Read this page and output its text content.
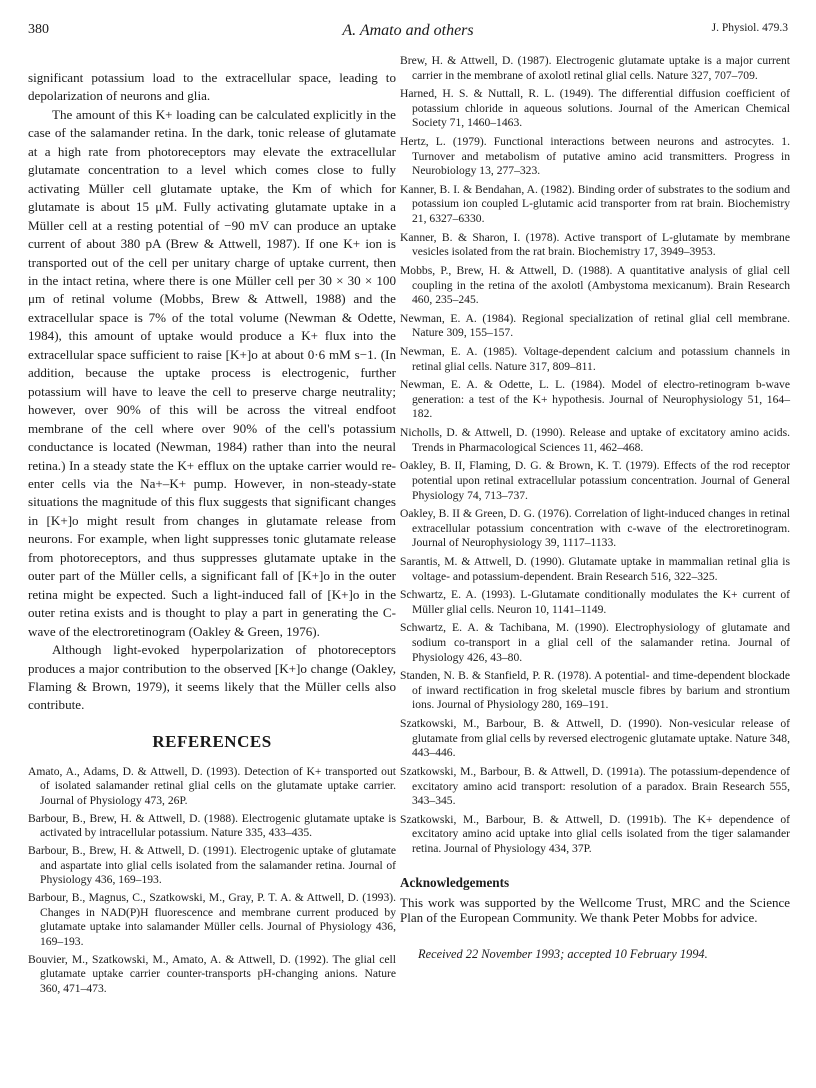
380	A. Amato and others	J. Physiol. 479.3

significant potassium load to the extracellular space, leading to depolarization of neurons and glia.

The amount of this K+ loading can be calculated explicitly in the case of the salamander retina. In the dark, tonic release of glutamate at a high rate from photoreceptors may elevate the extracellular glutamate concentration to a level which comes close to fully activating Müller cell glutamate uptake, the Km of which for glutamate is about 15 μM. Fully activating glutamate uptake in a Müller cell at a resting potential of −90 mV can produce an uptake current of about 380 pA (Brew & Attwell, 1987). If one K+ ion is transported out of the cell per unitary charge of uptake current, then in the intact retina, where there is one Müller cell per 30 × 30 × 100 μm of retinal volume (Mobbs, Brew & Attwell, 1988) and the extracellular space is 7% of the total volume (Newman & Odette, 1984), this amount of uptake would produce a K+ flux into the extracellular space sufficient to raise [K+]o at about 0·6 mM s−1. (In addition, because the uptake process is electrogenic, further potassium will have to leave the cell to preserve charge neutrality; however, over 90% of this will be across the vitreal endfoot membrane of the cell where over 90% of the cell's potassium conductance is located (Newman, 1984) rather than into the neural retina.) In a steady state the K+ efflux on the uptake carrier would re-enter cells via the Na+–K+ pump. However, in non-steady-state situations the magnitude of this flux suggests that significant changes in [K+]o might result from changes in glutamate release from neurons. For example, when light suppresses tonic glutamate release from photoreceptors, and thus suppresses glutamate uptake in the outer part of the Müller cells, a significant fall of [K+]o in the outer retina might be expected. Such a light-induced fall of [K+]o in the outer retina exists and is thought to play a part in generating the C-wave of the electroretinogram (Oakley & Green, 1976).

Although light-evoked hyperpolarization of photoreceptors produces a major contribution to the observed [K+]o change (Oakley, Flaming & Brown, 1979), it seems likely that the Müller cells also contribute.

REFERENCES

Amato, A., Adams, D. & Attwell, D. (1993). Detection of K+ transported out of isolated salamander retinal glial cells on the glutamate uptake carrier. Journal of Physiology 473, 26P.

Barbour, B., Brew, H. & Attwell, D. (1988). Electrogenic glutamate uptake is activated by intracellular potassium. Nature 335, 433–435.

Barbour, B., Brew, H. & Attwell, D. (1991). Electrogenic uptake of glutamate and aspartate into glial cells isolated from the salamander retina. Journal of Physiology 436, 169–193.

Barbour, B., Magnus, C., Szatkowski, M., Gray, P. T. A. & Attwell, D. (1993). Changes in NAD(P)H fluorescence and membrane current produced by glutamate uptake into salamander Müller cells. Journal of Physiology 436, 169–193.

Bouvier, M., Szatkowski, M., Amato, A. & Attwell, D. (1992). The glial cell glutamate uptake carrier counter-transports pH-changing anions. Nature 360, 471–473.

Brew, H. & Attwell, D. (1987). Electrogenic glutamate uptake is a major current carrier in the membrane of axolotl retinal glial cells. Nature 327, 707–709.

Harned, H. S. & Nuttall, R. L. (1949). The differential diffusion coefficient of potassium chloride in aqueous solutions. Journal of the American Chemical Society 71, 1460–1463.

Hertz, L. (1979). Functional interactions between neurons and astrocytes. 1. Turnover and metabolism of putative amino acid transmitters. Progress in Neurobiology 13, 277–323.

Kanner, B. I. & Bendahan, A. (1982). Binding order of substrates to the sodium and potassium ion coupled L-glutamic acid transporter from rat brain. Biochemistry 21, 6327–6330.

Kanner, B. & Sharon, I. (1978). Active transport of L-glutamate by membrane vesicles isolated from the rat brain. Biochemistry 17, 3949–3953.

Mobbs, P., Brew, H. & Attwell, D. (1988). A quantitative analysis of glial cell coupling in the retina of the axolotl (Ambystoma mexicanum). Brain Research 460, 235–245.

Newman, E. A. (1984). Regional specialization of retinal glial cell membrane. Nature 309, 155–157.

Newman, E. A. (1985). Voltage-dependent calcium and potassium channels in retinal glial cells. Nature 317, 809–811.

Newman, E. A. & Odette, L. L. (1984). Model of electro-retinogram b-wave generation: a test of the K+ hypothesis. Journal of Neurophysiology 51, 164–182.

Nicholls, D. & Attwell, D. (1990). Release and uptake of excitatory amino acids. Trends in Pharmacological Sciences 11, 462–468.

Oakley, B. II, Flaming, D. G. & Brown, K. T. (1979). Effects of the rod receptor potential upon retinal extracellular potassium concentration. Journal of General Physiology 74, 713–737.

Oakley, B. II & Green, D. G. (1976). Correlation of light-induced changes in retinal extracellular potassium concentration with c-wave of the electroretinogram. Journal of Neurophysiology 39, 1117–1133.

Sarantis, M. & Attwell, D. (1990). Glutamate uptake in mammalian retinal glia is voltage- and potassium-dependent. Brain Research 516, 322–325.

Schwartz, E. A. (1993). L-Glutamate conditionally modulates the K+ current of Müller glial cells. Neuron 10, 1141–1149.

Schwartz, E. A. & Tachibana, M. (1990). Electrophysiology of glutamate and sodium co-transport in a glial cell of the salamander retina. Journal of Physiology 426, 43–80.

Standen, N. B. & Stanfield, P. R. (1978). A potential- and time-dependent blockade of inward rectification in frog skeletal muscle fibres by barium and strontium ions. Journal of Physiology 280, 169–191.

Szatkowski, M., Barbour, B. & Attwell, D. (1990). Non-vesicular release of glutamate from glial cells by reversed electrogenic glutamate uptake. Nature 348, 443–446.

Szatkowski, M., Barbour, B. & Attwell, D. (1991a). The potassium-dependence of excitatory amino acid transport: resolution of a paradox. Brain Research 555, 343–345.

Szatkowski, M., Barbour, B. & Attwell, D. (1991b). The K+ dependence of excitatory amino acid uptake into glial cells isolated from the tiger salamander retina. Journal of Physiology 434, 37P.

Acknowledgements

This work was supported by the Wellcome Trust, MRC and the Science Plan of the European Community. We thank Peter Mobbs for advice.

Received 22 November 1993; accepted 10 February 1994.
